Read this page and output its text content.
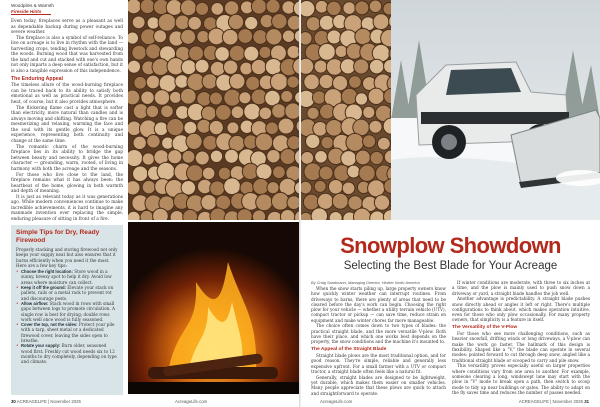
Woodpiles & Warmth
Fireside Hints

Even today, fireplaces serve as a pleasant as well as dependable backup during power outages and severe weather.

The fireplace is also a symbol of self-reliance. To live on acreage is to live in rhythm with the land — harvesting crops, tending livestock and stewarding the woods. Burning wood that was harvested from the land and cut and stacked with one's own hands not only imparts a deep sense of satisfaction, but it is also a tangible expression of this independence.

The Enduring Appeal

The timeless allure of the wood-burning fireplace can be traced back to its ability to satisfy both emotional as well as practical needs. It provides heat, of course, but it also provides atmosphere.

The flickering flame cast a light that is softer than electricity, more natural than candles and is always moving and shifting. Watching a fire can be mesmerizing and relaxing, warming the face and the soul with its gentle glow. It is a unique experience, representing both continuity and change at the same time.

The romantic charm of the wood-burning fireplace lies in its ability to bridge the gap between beauty and necessity. It gives the home character — grounding, warm, rooted, of living in harmony with both the acreage and the seasons.

For those who live close to the land, the fireplace remains what it has always been: the heartbeat of the home, glowing in both warmth and depth of meaning.

It is just as relevant today as it was generations ago. While modern conveniences continue to make incredible achievements, it is hard to imagine any manmade invention ever replacing the simple, enduring pleasure of sitting in front of a fire.

Simple Tips for Dry, Ready Firewood
Properly stacking and storing firewood not only keeps your supply neat but also ensures that it burns efficiently when you need it the most. Here are a few key tips:
• Choose the right location: Store wood in a sunny, breezy spot to help it dry. Avoid low areas where moisture can collect.
• Keep it off the ground: Elevate your stack on pallets, rails or a metal rack to prevent rot and discourage pests.
• Allow airflow: Stack wood in rows with small gaps between logs to promote circulation. A single row is best for drying; double rows work well once wood is fully seasoned.
• Cover the top, not the sides: Protect your pile with a tarp, sheet metal or a dedicated firewood cover, leaving the sides open to breathe.
• Rotate your supply: Burn older, seasoned wood first. Freshly cut wood needs six to 12 months to dry completely, depending on type and climate.
30 ACREAGELIFE | November 2025	AcreageLife.com
Snowplow Showdown
Selecting the Best Blade for Your Acreage
By Craig Sandmann, Managing Director, Hiniker North America

When the snow starts piling up, large property owners know how quickly winter weather can interrupt routines. From driveways to barns, there are plenty of areas that need to be cleared before the day's work can begin. Choosing the right plow for your vehicle — whether a utility terrain vehicle (UTV), compact tractor or pickup — can save time, reduce strain on equipment and make winter chores far more manageable.

The choice often comes down to two types of blades: the practical straight blade, and the more versatile V-plow. Both have their place, and which one works best depends on the property, the snow conditions and the machine it's mounted to.

The Appeal of the Straight Blade

Straight blade plows are the most traditional option, and for good reason. They're simple, reliable and generally less expensive upfront. For a small farmer with a UTV or compact tractor, a straight blade often feels like a natural fit.

Generally, straight blades are designed to be lightweight, yet durable, which makes them easier on smaller vehicles. Many people appreciate that these plows are quick to attach and straightforward to operate.

If winter conditions are moderate, with three to six inches at a time, and the plow is mainly used to push snow down a driveway or yard, a straight blade handles the job well.

Another advantage is predictability. A straight blade pushes snow directly ahead or angles it left or right. There's multiple configurations to think about, which makes operation intuitive, even for those who only plow occasionally. For many property owners, that simplicity is a feature in itself.

The Versatility of the V-Plow

For those who see more challenging conditions, such as heavier snowfall, drifting winds or long driveways, a V-plow can make the work go faster. The hallmark of this design is flexibility. Shaped like a "V," the blade can operate in several modes: pointed forward to cut through deep snow, angled like a traditional straight blade or scooped to carry and pile snow.

This versatility proves especially useful on larger properties where conditions vary from one area to another. For example, someone clearing a long, windswept lane may start with the plow in "V" mode to break open a path, then switch to scoop mode to tidy up near buildings or gates. The ability to adapt on the fly saves time and reduces the number of passes needed.

AcreageLife.com	ACREAGELIFE | November 2025 31
